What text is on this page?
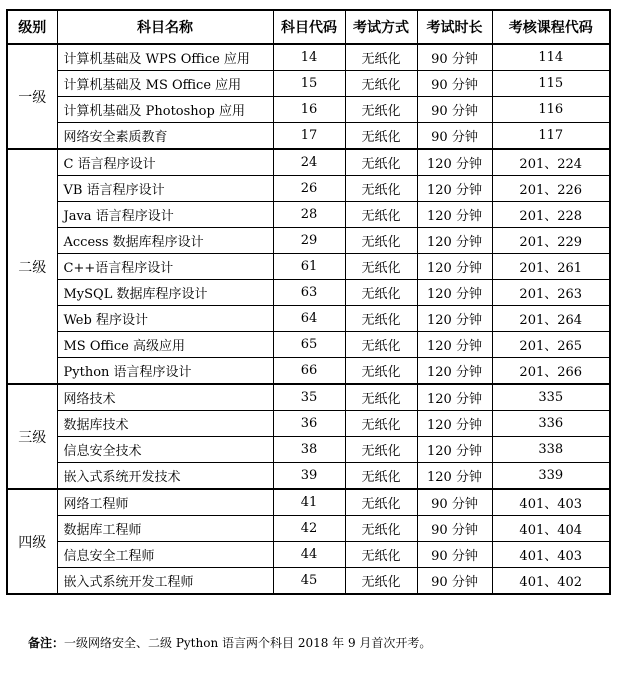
级别	科目名称	科目代码	考试方式	考试时长	考核课程代码
一级	计算机基础及 WPS Office 应用	14	无纸化	90 分钟	114
	计算机基础及 MS Office 应用	15	无纸化	90 分钟	115
	计算机基础及 Photoshop 应用	16	无纸化	90 分钟	116
	网络安全素质教育	17	无纸化	90 分钟	117
二级	C 语言程序设计	24	无纸化	120 分钟	201、224
	VB 语言程序设计	26	无纸化	120 分钟	201、226
	Java 语言程序设计	28	无纸化	120 分钟	201、228
	Access 数据库程序设计	29	无纸化	120 分钟	201、229
	C++语言程序设计	61	无纸化	120 分钟	201、261
	MySQL 数据库程序设计	63	无纸化	120 分钟	201、263
	Web 程序设计	64	无纸化	120 分钟	201、264
	MS Office 高级应用	65	无纸化	120 分钟	201、265
	Python 语言程序设计	66	无纸化	120 分钟	201、266
三级	网络技术	35	无纸化	120 分钟	335
	数据库技术	36	无纸化	120 分钟	336
	信息安全技术	38	无纸化	120 分钟	338
	嵌入式系统开发技术	39	无纸化	120 分钟	339
四级	网络工程师	41	无纸化	90 分钟	401、403
	数据库工程师	42	无纸化	90 分钟	401、404
	信息安全工程师	44	无纸化	90 分钟	401、403
	嵌入式系统开发工程师	45	无纸化	90 分钟	401、402
备注：一级网络安全、二级 Python 语言两个科目 2018 年 9 月首次开考。
